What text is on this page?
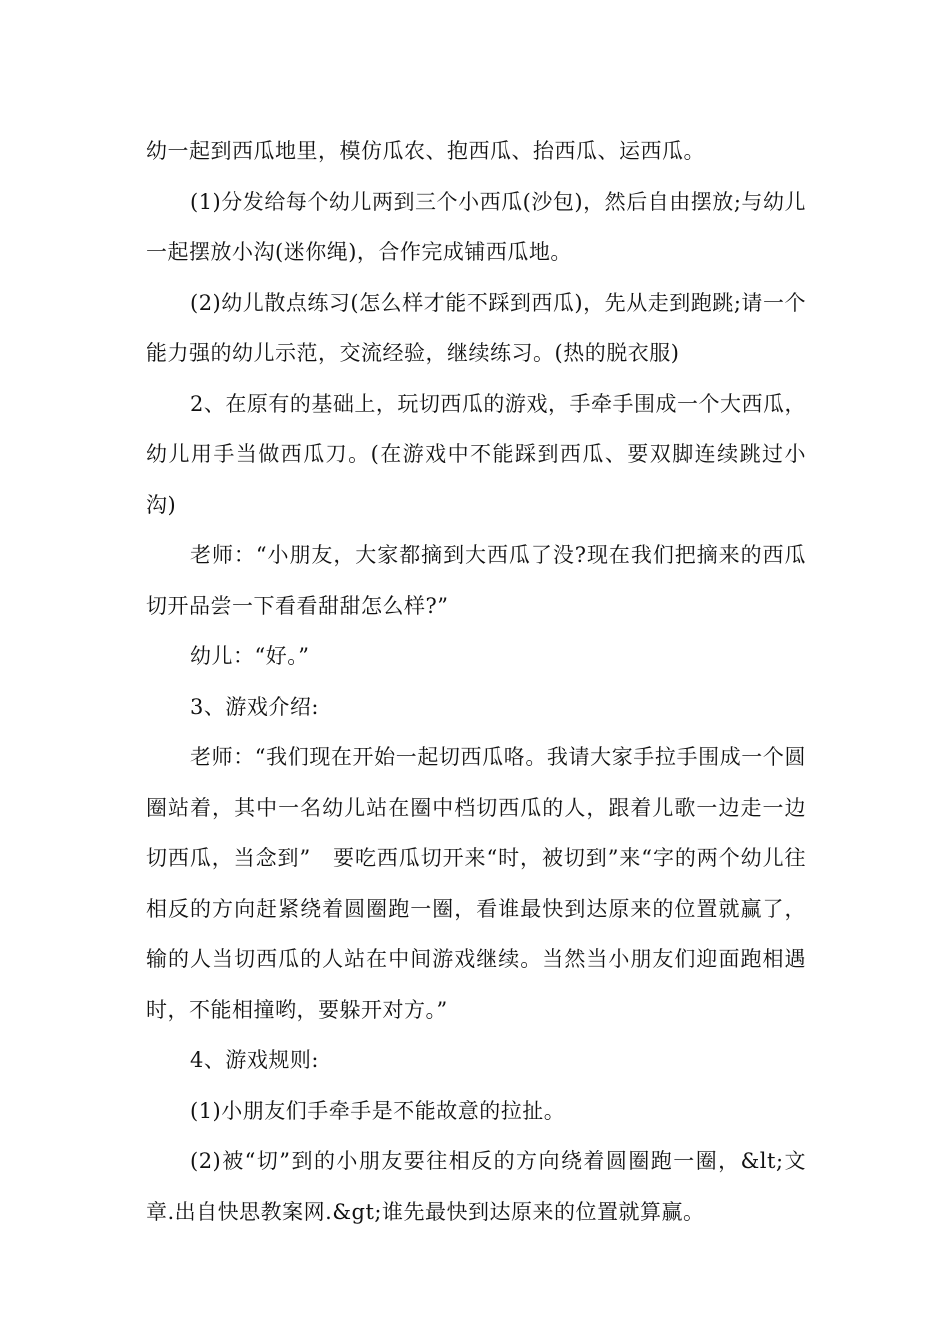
幼一起到西瓜地里，模仿瓜农、抱西瓜、抬西瓜、运西瓜。

(1)分发给每个幼儿两到三个小西瓜(沙包)，然后自由摆放;与幼儿一起摆放小沟(迷你绳)，合作完成铺西瓜地。

(2)幼儿散点练习(怎么样才能不踩到西瓜)，先从走到跑跳;请一个能力强的幼儿示范，交流经验，继续练习。(热的脱衣服)

2、在原有的基础上，玩切西瓜的游戏，手牵手围成一个大西瓜，幼儿用手当做西瓜刀。(在游戏中不能踩到西瓜、要双脚连续跳过小沟)

老师：“小朋友，大家都摘到大西瓜了没?现在我们把摘来的西瓜切开品尝一下看看甜甜怎么样?”

幼儿：“好。”

3、游戏介绍:

老师：“我们现在开始一起切西瓜咯。我请大家手拉手围成一个圆圈站着，其中一名幼儿站在圈中档切西瓜的人，跟着儿歌一边走一边切西瓜，当念到”　要吃西瓜切开来“时，被切到”来“字的两个幼儿往相反的方向赶紧绕着圆圈跑一圈，看谁最快到达原来的位置就赢了，输的人当切西瓜的人站在中间游戏继续。当然当小朋友们迎面跑相遇时，不能相撞哟，要躲开对方。”

4、游戏规则:

(1)小朋友们手牵手是不能故意的拉扯。

(2)被“切”到的小朋友要往相反的方向绕着圆圈跑一圈，&lt;文章.出自快思教案网.&gt;谁先最快到达原来的位置就算赢。
